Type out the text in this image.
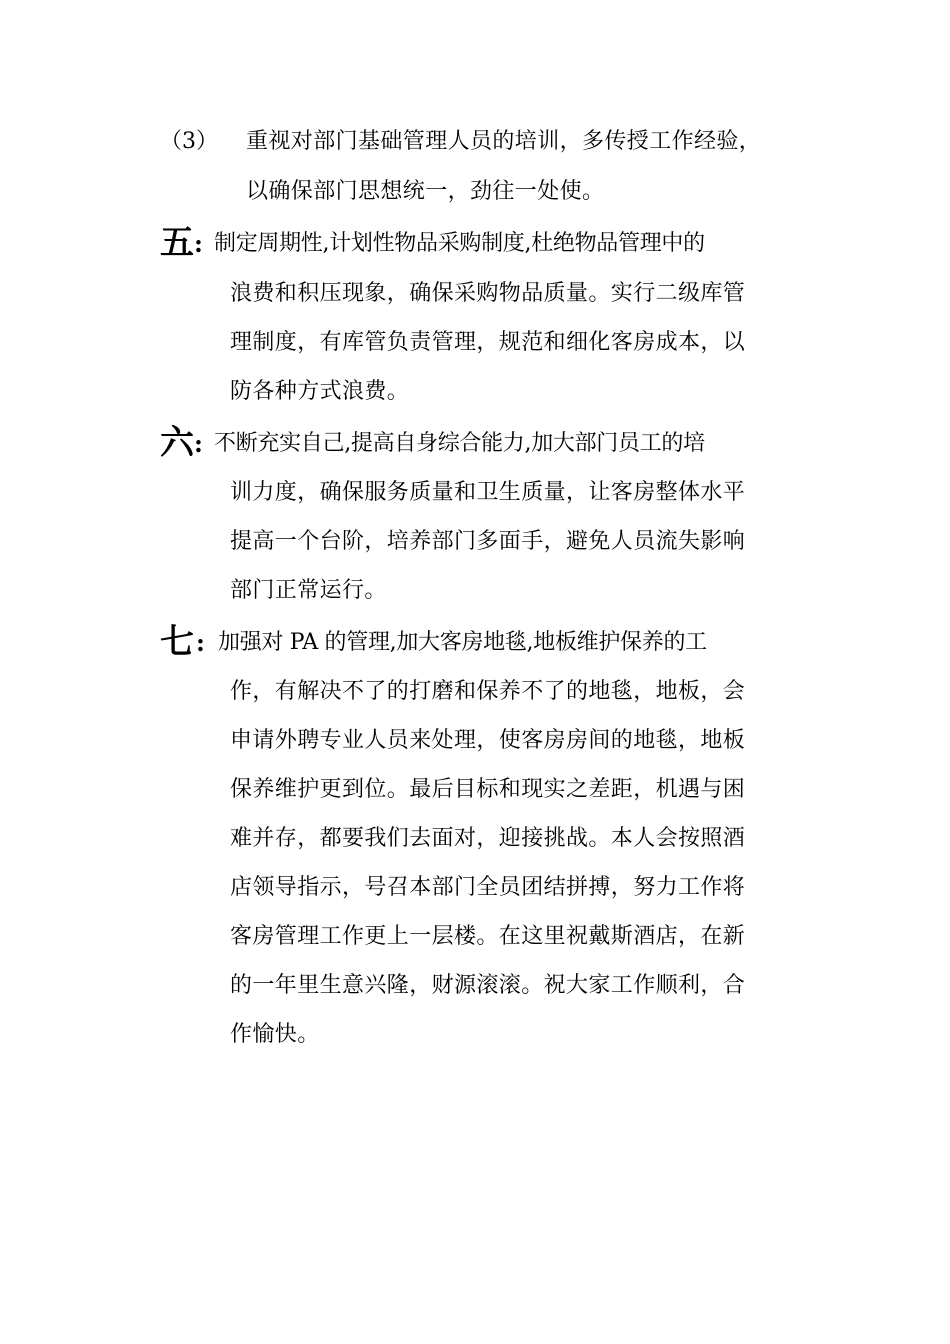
（3） 重视对部门基础管理人员的培训，多传授工作经验，
以确保部门思想统一，劲往一处使。
五 : 制定周期性,计划性物品采购制度,杜绝物品管理中的
浪费和积压现象，确保采购物品质量。实行二级库管
理制度，有库管负责管理，规范和细化客房成本，以
防各种方式浪费。
六 : 不断充实自己,提高自身综合能力,加大部门员工的培
训力度，确保服务质量和卫生质量，让客房整体水平
提高一个台阶，培养部门多面手，避免人员流失影响
部门正常运行。
七 : 加强对 PA 的管理,加大客房地毯,地板维护保养的工
作，有解决不了的打磨和保养不了的地毯，地板，会
申请外聘专业人员来处理，使客房房间的地毯，地板
保养维护更到位。最后目标和现实之差距，机遇与困
难并存，都要我们去面对，迎接挑战。本人会按照酒
店领导指示，号召本部门全员团结拼搏，努力工作将
客房管理工作更上一层楼。在这里祝戴斯酒店，在新
的一年里生意兴隆，财源滚滚。祝大家工作顺利，合
作愉快。
